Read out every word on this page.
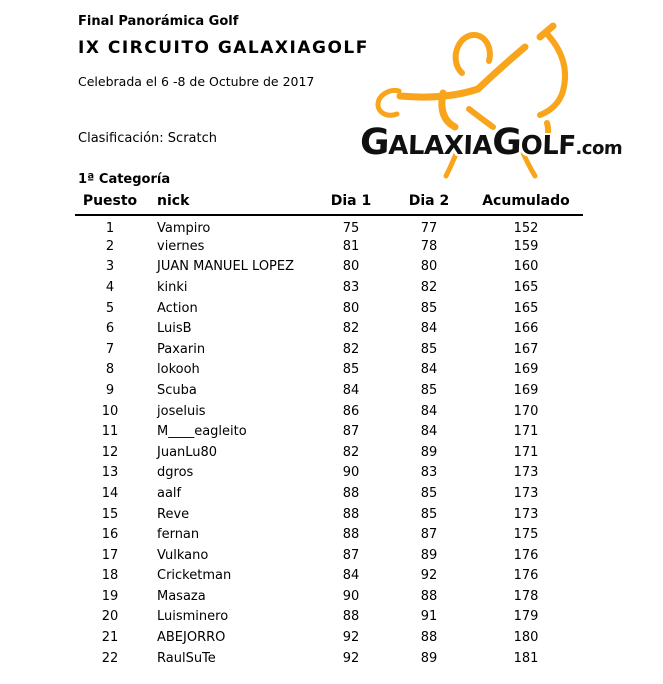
Final Panorámica Golf
IX CIRCUITO GALAXIAGOLF
Celebrada el 6 -8 de Octubre de 2017
Clasificación: Scratch
1ª Categoría
G
ALAXIA
G
OLF .com
Puesto	nick	Dia 1	Dia 2	Acumulado
1	Vampiro	75	77	152
2	viernes	81	78	159
3	JUAN MANUEL LOPEZ	80	80	160
4	kinki	83	82	165
5	Action	80	85	165
6	LuisB	82	84	166
7	Paxarin	82	85	167
8	lokooh	85	84	169
9	Scuba	84	85	169
10	joseluis	86	84	170
11	M____eagleito	87	84	171
12	JuanLu80	82	89	171
13	dgros	90	83	173
14	aalf	88	85	173
15	Reve	88	85	173
16	fernan	88	87	175
17	Vulkano	87	89	176
18	Cricketman	84	92	176
19	Masaza	90	88	178
20	Luisminero	88	91	179
21	ABEJORRO	92	88	180
22	RaulSuTe	92	89	181
